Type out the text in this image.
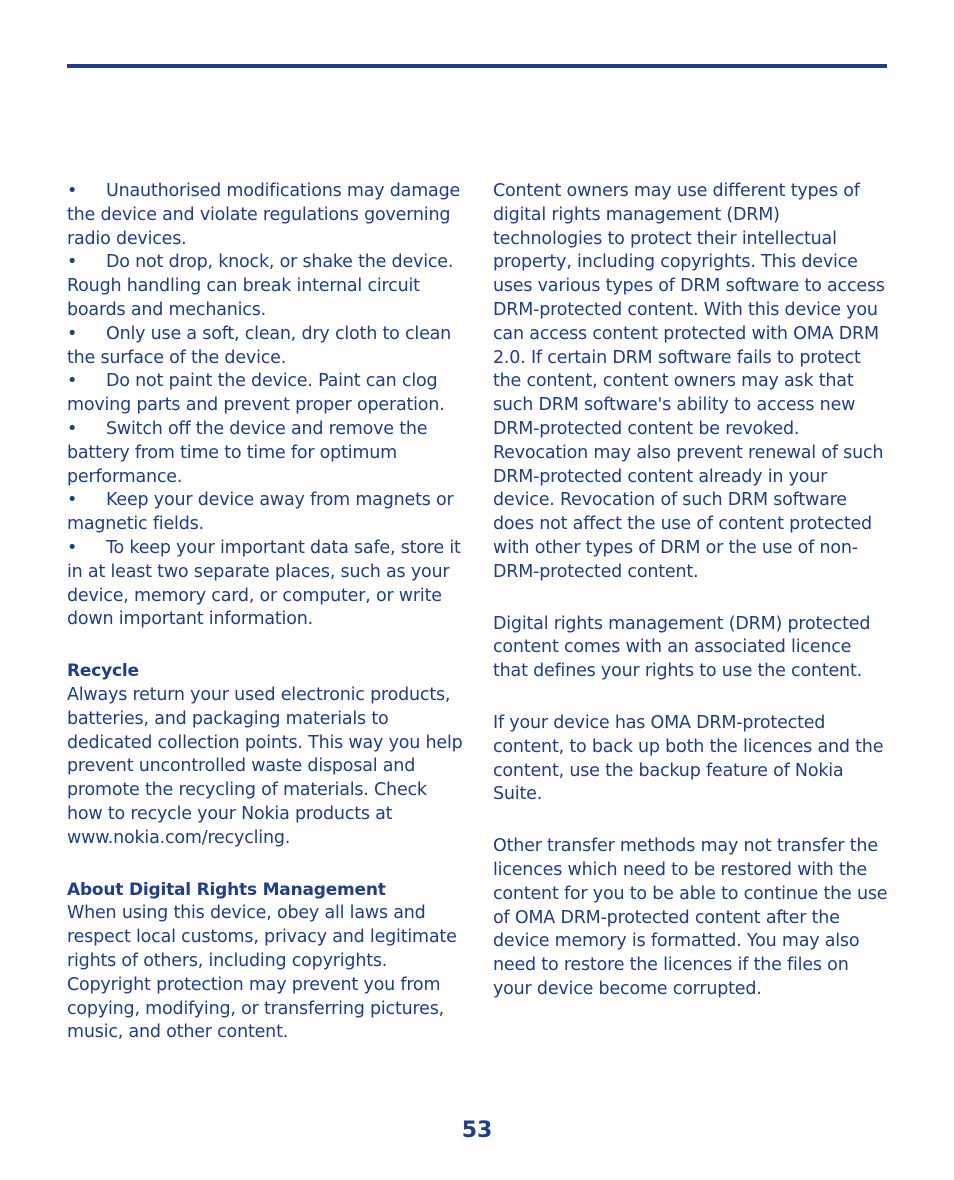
• Unauthorised modifications may damage the device and violate regulations governing radio devices.

• Do not drop, knock, or shake the device. Rough handling can break internal circuit boards and mechanics.

• Only use a soft, clean, dry cloth to clean the surface of the device.

• Do not paint the device. Paint can clog moving parts and prevent proper operation.

• Switch off the device and remove the battery from time to time for optimum performance.

• Keep your device away from magnets or magnetic fields.

• To keep your important data safe, store it in at least two separate places, such as your device, memory card, or computer, or write down important information.

Recycle

Always return your used electronic products, batteries, and packaging materials to dedicated collection points. This way you help prevent uncontrolled waste disposal and promote the recycling of materials. Check how to recycle your Nokia products at www.nokia.com/recycling.

About Digital Rights Management

When using this device, obey all laws and respect local customs, privacy and legitimate rights of others, including copyrights. Copyright protection may prevent you from copying, modifying, or transferring pictures, music, and other content.

Content owners may use different types of digital rights management (DRM) technologies to protect their intellectual property, including copyrights. This device uses various types of DRM software to access DRM-protected content. With this device you can access content protected with OMA DRM 2.0. If certain DRM software fails to protect the content, content owners may ask that such DRM software's ability to access new DRM-protected content be revoked. Revocation may also prevent renewal of such DRM-protected content already in your device. Revocation of such DRM software does not affect the use of content protected with other types of DRM or the use of non-DRM-protected content.

Digital rights management (DRM) protected content comes with an associated licence that defines your rights to use the content.

If your device has OMA DRM-protected content, to back up both the licences and the content, use the backup feature of Nokia Suite.

Other transfer methods may not transfer the licences which need to be restored with the content for you to be able to continue the use of OMA DRM-protected content after the device memory is formatted. You may also need to restore the licences if the files on your device become corrupted.

53
